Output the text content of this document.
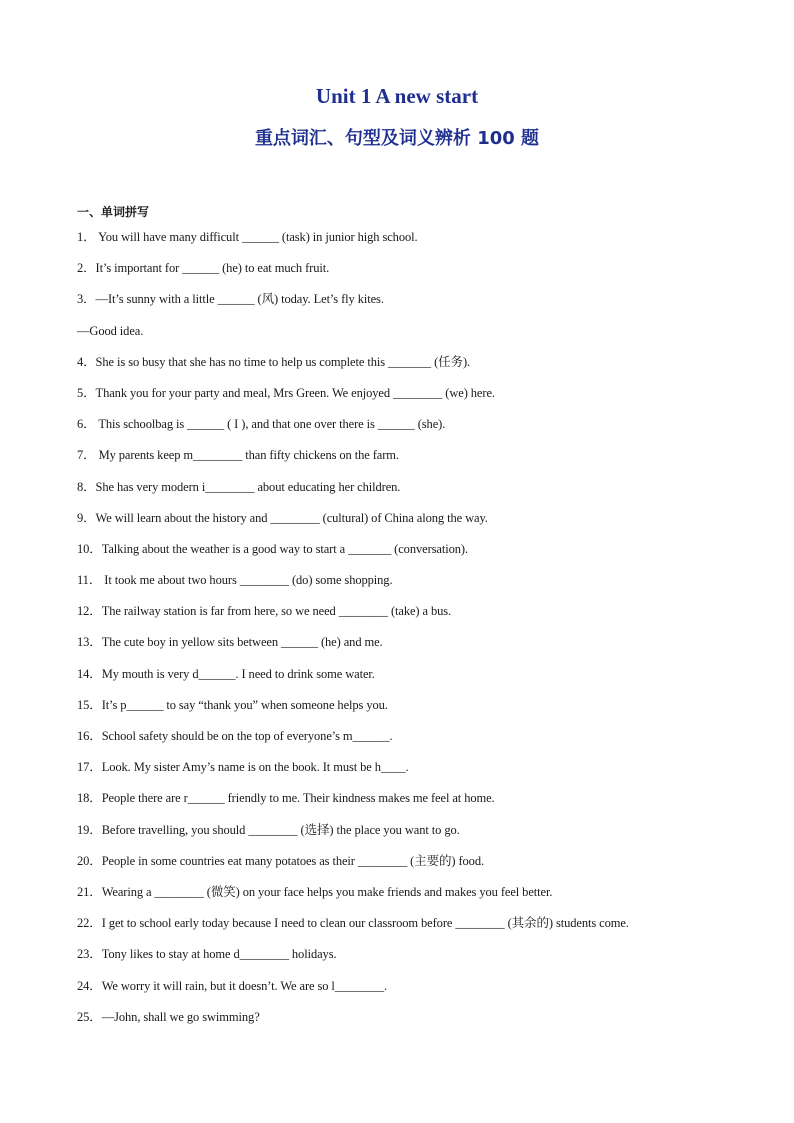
Unit 1 A new start
重点词汇、句型及词义辨析 100 题

一、单词拼写

1． You will have many difficult ______ (task) in junior high school.
2．It’s important for ______ (he) to eat much fruit.
3．—It’s sunny with a little ______ (风) today. Let’s fly kites.
—Good idea.
4．She is so busy that she has no time to help us complete this _______ (任务).
5．Thank you for your party and meal, Mrs Green. We enjoyed ________ (we) here.
6． This schoolbag is ______ ( I ), and that one over there is ______ (she).
7． My parents keep m________ than fifty chickens on the farm.
8．She has very modern i________ about educating her children.
9．We will learn about the history and ________ (cultural) of China along the way.
10．Talking about the weather is a good way to start a _______ (conversation).
11． It took me about two hours ________ (do) some shopping.
12．The railway station is far from here, so we need ________ (take) a bus.
13．The cute boy in yellow sits between ______ (he) and me.
14．My mouth is very d______. I need to drink some water.
15．It’s p______ to say “thank you” when someone helps you.
16．School safety should be on the top of everyone’s m______.
17．Look. My sister Amy’s name is on the book. It must be h____.
18．People there are r______ friendly to me. Their kindness makes me feel at home.
19．Before travelling, you should ________ (选择) the place you want to go.
20．People in some countries eat many potatoes as their ________ (主要的) food.
21．Wearing a ________ (微笑) on your face helps you make friends and makes you feel better.
22．I get to school early today because I need to clean our classroom before ________ (其余的) students come.
23．Tony likes to stay at home d________ holidays.
24．We worry it will rain, but it doesn’t. We are so l________.
25．—John, shall we go swimming?
